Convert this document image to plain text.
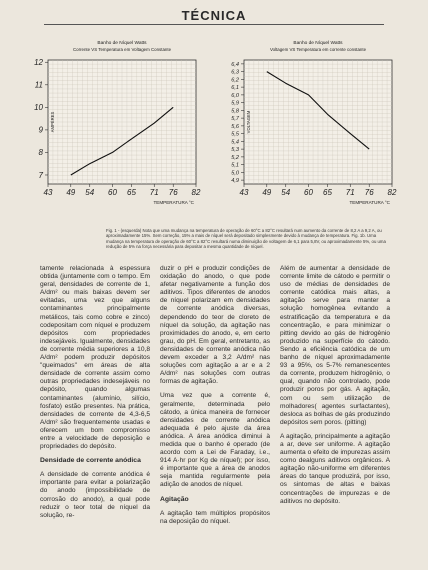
TÉCNICA
Banho de Níquel Watts
Corrente VS Temperatura em Voltagem Constante
43 49 54 60 65 71 76 82
7
8
9
10
11
12
TEMPERATURA °C
AMPÈRES
Banho de Níquel Watts
Voltagem VS Temperatura em corrente constante
43 49 54 60 65 71 76 82
4,9
5,0
5,1
5,2
5,3
5,4
5,5
5,6
5,7
5,8
5,9
6,0
6,1
6,2
6,3
6,4
TEMPERATURA °C
VOLTAGEM
Fig. 1 - (esquerda) Nota que uma mudança na temperatura de operação de 60°C a 82°C resultará num aumento da corrente de 8,2 A a 9,2 A, ou aproximadamente 15%. Sem correção, 15% a mais de níquel será depositado simplesmente devido à mudança de temperatura. Fig. 1b. Uma mudança na temperatura de operação de 60°C a 82°C resultará numa diminuição de voltagem de 6,1 para 5,8V, ou aproximadamente 5%, ou uma redução de 5% na força necessária para depositar a mesma quantidade de níquel.

tamente relacionada à espessura obtida (juntamente com o tempo. Em geral, densidades de corrente de 1, A/dm² ou mais baixas devem ser evitadas, uma vez que alguns contaminantes principalmente metálicos, tais como cobre e zinco) codepositam com níquel e produzem depósitos com propriedades indesejáveis. Igualmente, densidades de corrente média superiores a 10,8 A/dm² podem produzir depósitos "queimados" em áreas de alta densidade de corrente assim como outras propriedades indesejáveis no depósito, quando algumas contaminantes (alumínio, silício, fosfato) estão presentes. Na prática, densidades de corrente de 4,3-6,5 A/dm² são frequentemente usadas e oferecem um bom compromisso entre a velocidade de deposição e propriedades do depósito.

Densidade de corrente anódica

A densidade de corrente anódica é importante para evitar a polarização do anodo (impossibilidade de corrosão do anodo), a qual pode reduzir o teor total de níquel da solução, re-

duzir o pH e produzir condições de oxidação do anodo, o que pode afetar negativamente a função dos aditivos. Tipos diferentes de anodos de níquel polarizam em densidades de corrente anódica diversas, dependendo do teor de cloreto de níquel da solução, da agitação nas proximidades do anodo, e, em certo grau, do pH. Em geral, entretanto, as densidades de corrente anódica não devem exceder a 3,2 A/dm² nas soluções com agitação a ar e a 2 A/dm² nas soluções com outras formas de agitação.

Uma vez que a corrente é, geralmente, determinada pelo cátodo, a única maneira de fornecer densidades de corrente anódica adequada é pelo ajuste da área anódica. A área anódica diminui à medida que o banho é operado (de acordo com a Lei de Faraday, i.e., 914 A·hr por Kg de níquel); por isso, é importante que a área de anodos seja mantida regularmente pela adição de anodos de níquel.

Agitação

A agitação tem múltiplos propósitos na deposição do níquel.

Além de aumentar a densidade de corrente limite de cátodo e permitir o uso de médias de densidades de corrente catódica mais altas, a agitação serve para manter a solução homogênea evitando a estratificação da temperatura e da concentração, e para minimizar o pitting devido ao gás de hidrogênio produzido na superfície do cátodo. Sendo a eficiência catódica de um banho de níquel aproximadamente 93 a 95%, os 5-7% remanescentes da corrente, produzem hidrogênio, o qual, quando não controlado, pode produzir poros por gás. A agitação, com ou sem utilização de molhadores( agentes surfactantes), desloca as bolhas de gás produzindo depósitos sem poros. (pitting)

A agitação, principalmente a agitação a ar, deve ser uniforme. A agitação aumenta o efeito de impurezas assim como dealguns aditivos orgânicos. A agitação não-uniforme em diferentes áreas do tanque produzirá, por isso, os sintomas de altas e baixas concentrações de impurezas e de aditivos no depósito.
